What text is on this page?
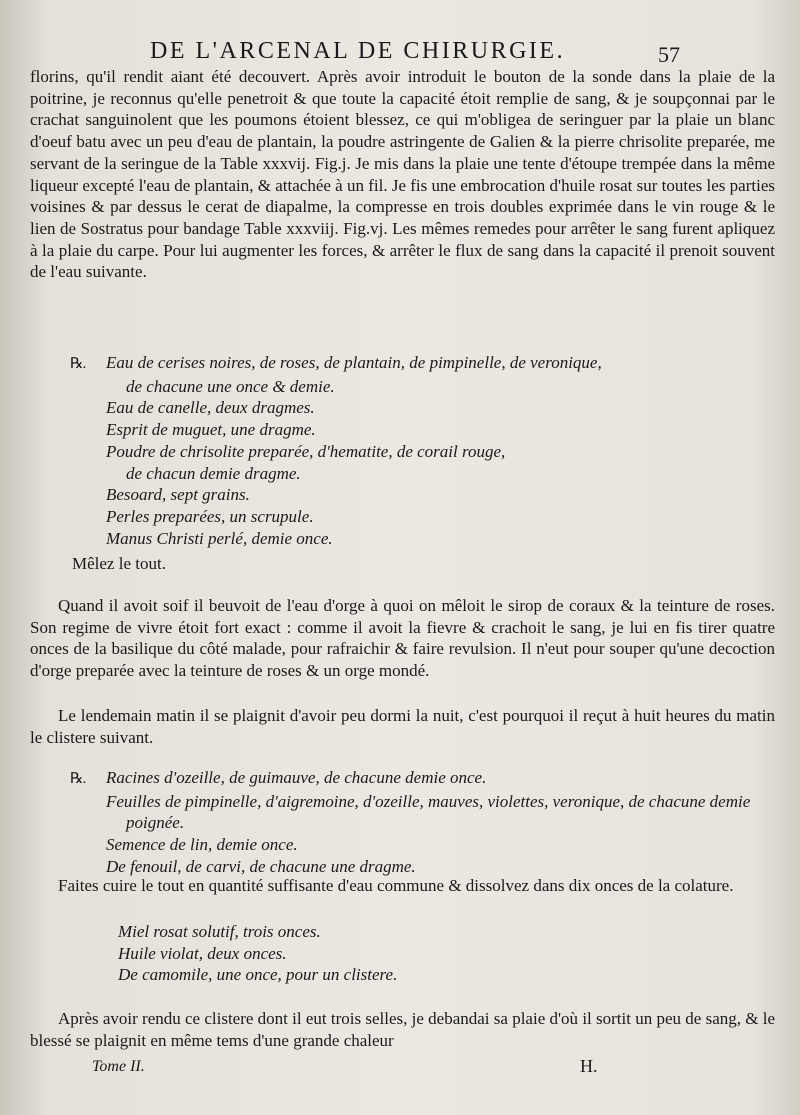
DE L'ARCENAL DE CHIRURGIE.	57

florins, qu'il rendit aiant été decouvert. Après avoir introduit le bouton de la sonde dans la plaie de la poitrine, je reconnus qu'elle penetroit & que toute la capacité étoit remplie de sang, & je soupçonnai par le crachat sanguinolent que les poumons étoient blessez, ce qui m'obligea de seringuer par la plaie un blanc d'oeuf batu avec un peu d'eau de plantain, la poudre astringente de Galien & la pierre chrisolite preparée, me servant de la seringue de la Table xxxvij. Fig.j. Je mis dans la plaie une tente d'étoupe trempée dans la même liqueur excepté l'eau de plantain, & attachée à un fil. Je fis une embrocation d'huile rosat sur toutes les parties voisines & par dessus le cerat de diapalme, la compresse en trois doubles exprimée dans le vin rouge & le lien de Sostratus pour bandage Table xxxviij. Fig.vj. Les mêmes remedes pour arrêter le sang furent apliquez à la plaie du carpe. Pour lui augmenter les forces, & arrêter le flux de sang dans la capacité il prenoit souvent de l'eau suivante.

℞. Eau de cerises noires, de roses, de plantain, de pimpinelle, de veronique,
de chacune une once & demie.
Eau de canelle, deux dragmes.
Esprit de muguet, une dragme.
Poudre de chrisolite preparée, d'hematite, de corail rouge,
de chacun demie dragme.
Besoard, sept grains.
Perles preparées, un scrupule.
Manus Christi perlé, demie once.

Mêlez le tout.

Quand il avoit soif il beuvoit de l'eau d'orge à quoi on mêloit le sirop de coraux & la teinture de roses. Son regime de vivre étoit fort exact : comme il avoit la fievre & crachoit le sang, je lui en fis tirer quatre onces de la basilique du côté malade, pour rafraichir & faire revulsion. Il n'eut pour souper qu'une decoction d'orge preparée avec la teinture de roses & un orge mondé.

Le lendemain matin il se plaignit d'avoir peu dormi la nuit, c'est pourquoi il reçut à huit heures du matin le clistere suivant.

℞. Racines d'ozeille, de guimauve, de chacune demie once.
Feuilles de pimpinelle, d'aigremoine, d'ozeille, mauves, violettes, veronique, de chacune demie poignée.
Semence de lin, demie once.
De fenouil, de carvi, de chacune une dragme.

Faites cuire le tout en quantité suffisante d'eau commune & dissolvez dans dix onces de la colature.

Miel rosat solutif, trois onces.
Huile violat, deux onces.
De camomile, une once, pour un clistere.

Après avoir rendu ce clistere dont il eut trois selles, je debandai sa plaie d'où il sortit un peu de sang, & le blessé se plaignit en même tems d'une grande chaleur

Tome II.	H.
